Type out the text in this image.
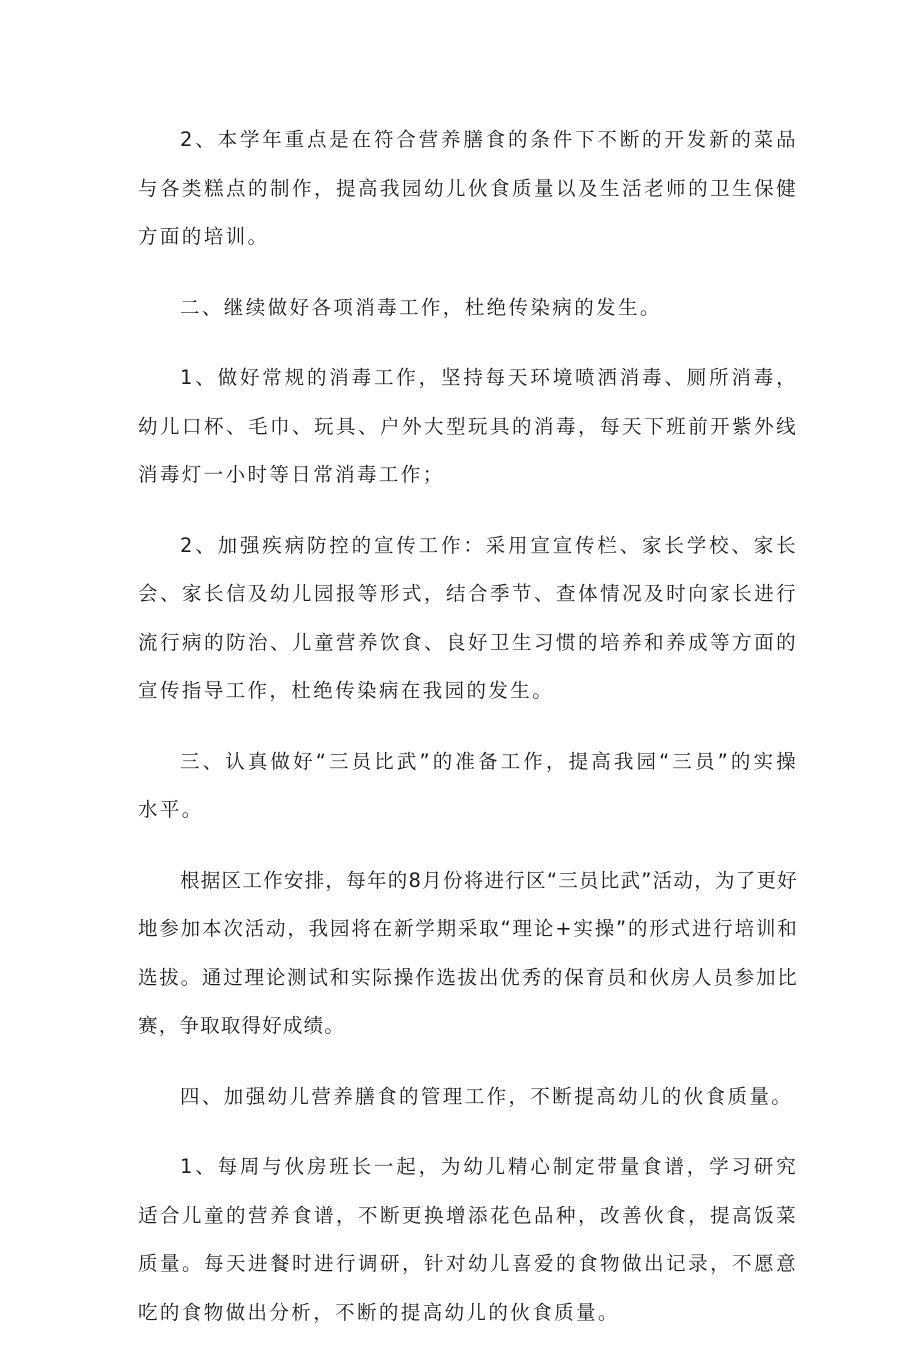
2、本学年重点是在符合营养膳食的条件下不断的开发新的菜品与各类糕点的制作，提高我园幼儿伙食质量以及生活老师的卫生保健方面的培训。

二、继续做好各项消毒工作，杜绝传染病的发生。

1、做好常规的消毒工作，坚持每天环境喷洒消毒、厕所消毒，幼儿口杯、毛巾、玩具、户外大型玩具的消毒，每天下班前开紫外线消毒灯一小时等日常消毒工作；

2、加强疾病防控的宣传工作：采用宣宣传栏、家长学校、家长会、家长信及幼儿园报等形式，结合季节、查体情况及时向家长进行流行病的防治、儿童营养饮食、良好卫生习惯的培养和养成等方面的宣传指导工作，杜绝传染病在我园的发生。

三、认真做好“三员比武”的准备工作，提高我园“三员”的实操水平。

根据区工作安排，每年的8月份将进行区“三员比武”活动，为了更好地参加本次活动，我园将在新学期采取“理论+实操”的形式进行培训和选拔。通过理论测试和实际操作选拔出优秀的保育员和伙房人员参加比赛，争取取得好成绩。

四、加强幼儿营养膳食的管理工作，不断提高幼儿的伙食质量。

1、每周与伙房班长一起，为幼儿精心制定带量食谱，学习研究适合儿童的营养食谱，不断更换增添花色品种，改善伙食，提高饭菜质量。每天进餐时进行调研，针对幼儿喜爱的食物做出记录，不愿意吃的食物做出分析，不断的提高幼儿的伙食质量。
